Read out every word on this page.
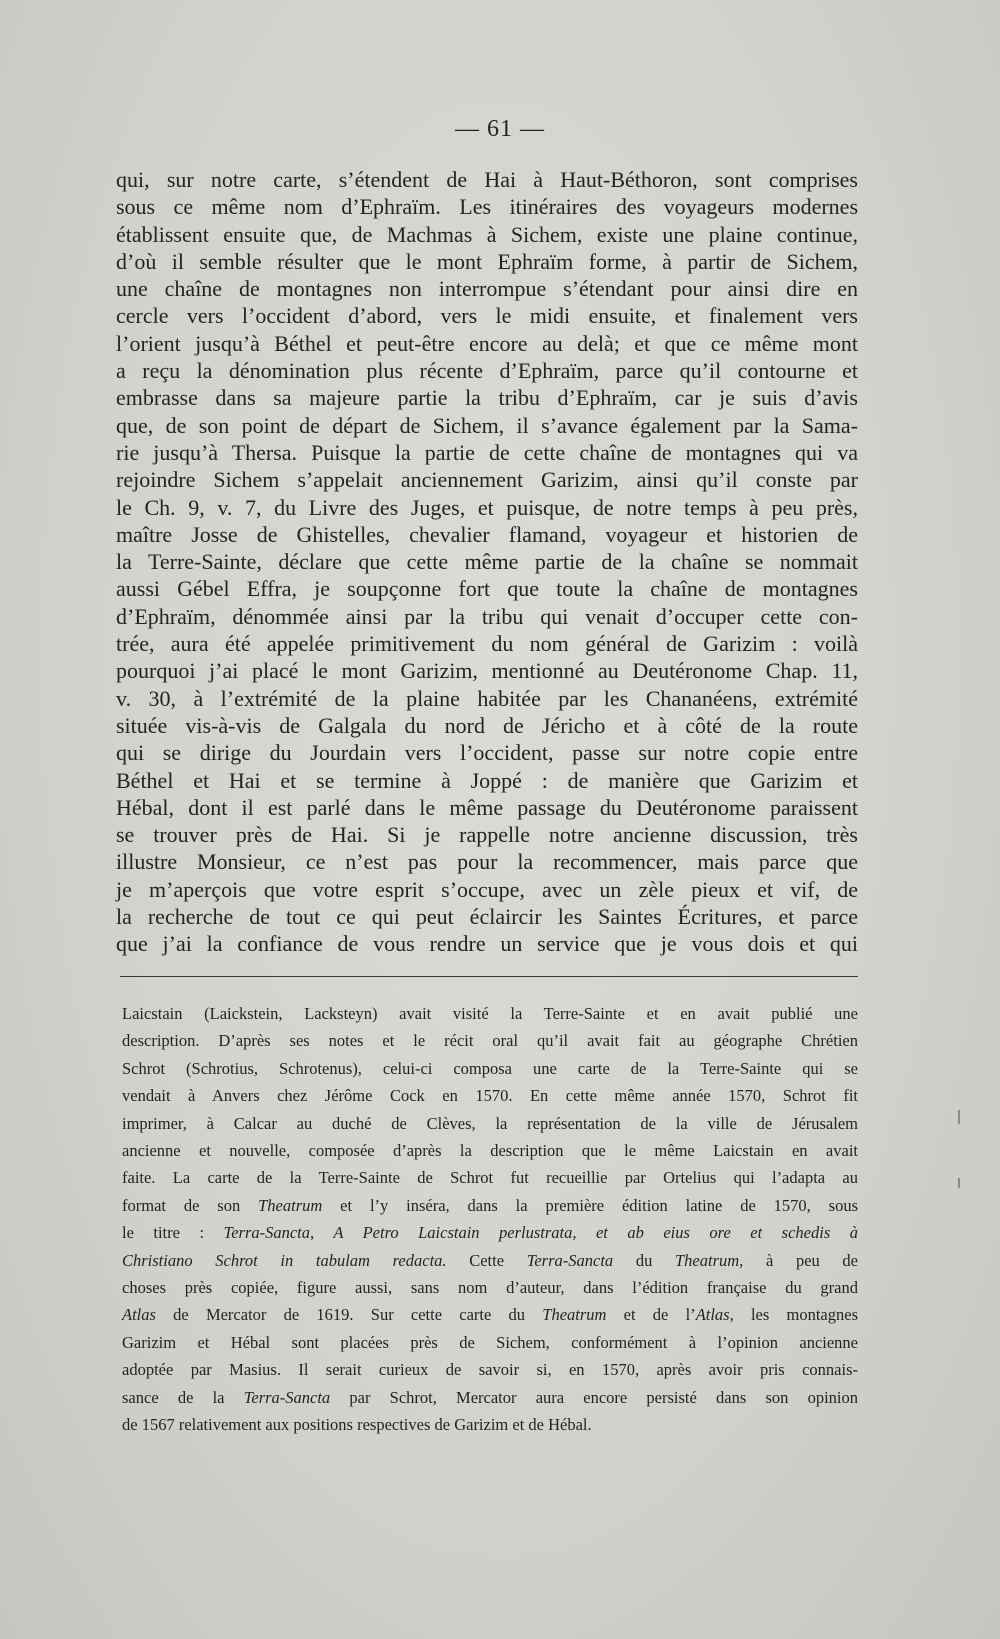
— 61 —
qui, sur notre carte, s’étendent de Hai à Haut-Béthoron, sont comprises
sous ce même nom d’Ephraïm. Les itinéraires des voyageurs modernes
établissent ensuite que, de Machmas à Sichem, existe une plaine continue,
d’où il semble résulter que le mont Ephraïm forme, à partir de Sichem,
une chaîne de montagnes non interrompue s’étendant pour ainsi dire en
cercle vers l’occident d’abord, vers le midi ensuite, et finalement vers
l’orient jusqu’à Béthel et peut-être encore au delà; et que ce même mont
a reçu la dénomination plus récente d’Ephraïm, parce qu’il contourne et
embrasse dans sa majeure partie la tribu d’Ephraïm, car je suis d’avis
que, de son point de départ de Sichem, il s’avance également par la Sama-
rie jusqu’à Thersa. Puisque la partie de cette chaîne de montagnes qui va
rejoindre Sichem s’appelait anciennement Garizim, ainsi qu’il conste par
le Ch. 9, v. 7, du Livre des Juges, et puisque, de notre temps à peu près,
maître Josse de Ghistelles, chevalier flamand, voyageur et historien de
la Terre-Sainte, déclare que cette même partie de la chaîne se nommait
aussi Gébel Effra, je soupçonne fort que toute la chaîne de montagnes
d’Ephraïm, dénommée ainsi par la tribu qui venait d’occuper cette con-
trée, aura été appelée primitivement du nom général de Garizim : voilà
pourquoi j’ai placé le mont Garizim, mentionné au Deutéronome Chap. 11,
v. 30, à l’extrémité de la plaine habitée par les Chananéens, extrémité
située vis-à-vis de Galgala du nord de Jéricho et à côté de la route
qui se dirige du Jourdain vers l’occident, passe sur notre copie entre
Béthel et Hai et se termine à Joppé : de manière que Garizim et
Hébal, dont il est parlé dans le même passage du Deutéronome paraissent
se trouver près de Hai. Si je rappelle notre ancienne discussion, très
illustre Monsieur, ce n’est pas pour la recommencer, mais parce que
je m’aperçois que votre esprit s’occupe, avec un zèle pieux et vif, de
la recherche de tout ce qui peut éclaircir les Saintes Écritures, et parce
que j’ai la confiance de vous rendre un service que je vous dois et qui
Laicstain (Laickstein, Lacksteyn) avait visité la Terre-Sainte et en avait publié une
description. D’après ses notes et le récit oral qu’il avait fait au géographe Chrétien
Schrot (Schrotius, Schrotenus), celui-ci composa une carte de la Terre-Sainte qui se
vendait à Anvers chez Jérôme Cock en 1570. En cette même année 1570, Schrot fit
imprimer, à Calcar au duché de Clèves, la représentation de la ville de Jérusalem
ancienne et nouvelle, composée d’après la description que le même Laicstain en avait
faite. La carte de la Terre-Sainte de Schrot fut recueillie par Ortelius qui l’adapta au
format de son Theatrum et l’y inséra, dans la première édition latine de 1570, sous
le titre : Terra-Sancta, A Petro Laicstain perlustrata, et ab eius ore et schedis à
Christiano Schrot in tabulam redacta. Cette Terra-Sancta du Theatrum, à peu de
choses près copiée, figure aussi, sans nom d’auteur, dans l’édition française du grand
Atlas de Mercator de 1619. Sur cette carte du Theatrum et de l’Atlas, les montagnes
Garizim et Hébal sont placées près de Sichem, conformément à l’opinion ancienne
adoptée par Masius. Il serait curieux de savoir si, en 1570, après avoir pris connais-
sance de la Terra-Sancta par Schrot, Mercator aura encore persisté dans son opinion
de 1567 relativement aux positions respectives de Garizim et de Hébal.
